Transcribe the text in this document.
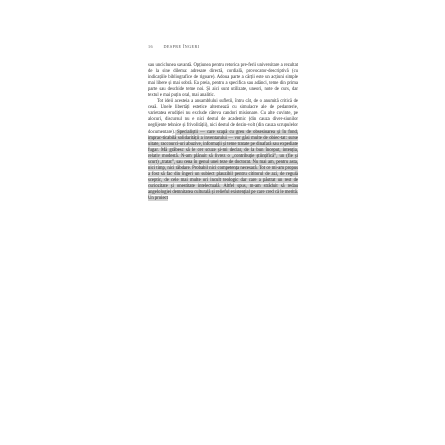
16 DESPRE ÎNGERI

sau unciclunea savantă. Opțiunea pentru retorica pre-ferii universitare a rezultat de la sine dilema: adresare directă, cordială, provocator-descriptivă (cu indicațiile bibliografice de rigoare). Adoua parte a cărții este un acțiuni simple mai libere și mai sobră. Ea preia, pentru a specifica sau adânci, teme din prima parte sau deschide teme noi. Și aici sunt utilizate, uneori, note de curs, dar textul e mai puțin oral, mai analitic.

Tot ideii acesteia a ansamblului sufletii, întru cât, de o anumită critică de ceaă. Unele libertăți estetice alternează cu simulacre ale de pedanterie, varietatea erudiției nu exclude câteva candori misionare. Cu alte cuvinte, pe alocuri, discursul nu e nici destul de academic (din cauza diver-siunilor neglijente tehnice și frivolității), nici destul de dezin-volt (din cauza scrupulelor documentare). Specialiștii — care scapă cu greu de obsesioarea și în fond, imprac-ticabilă solidarității a inventarului — vor găsi multe de obiec-tat: surse uitate, raccourci-uri abuzive, informații și teme tratate pe dinafară sau expediate fugar. Mă grăbesc să le cer scuze și-mi declar, de la bun început, intenția, relativ modestă. N-am plănuit să livrez o „contribuție științifică”, un (fie și scurt) „tratat”, sau cева în genul unei teze de doctorat. Nu mai am, pentru asta, nici timp, nici răbdare. Probabil nici competența necesară. Tot ce mi-am propus a fost să fac din îngeri un subiect plauzibil pentru cititorul de azi, de regulă sceptic, de cele mai multe ori incult teologic dar care a păstrat un rest de curiozitate și onestitate intelectuală. Altfel spus, m-am străduit să redau angelologiei demnitatea culturală și relieful existențial pe care cred că le merită. Un proiect
